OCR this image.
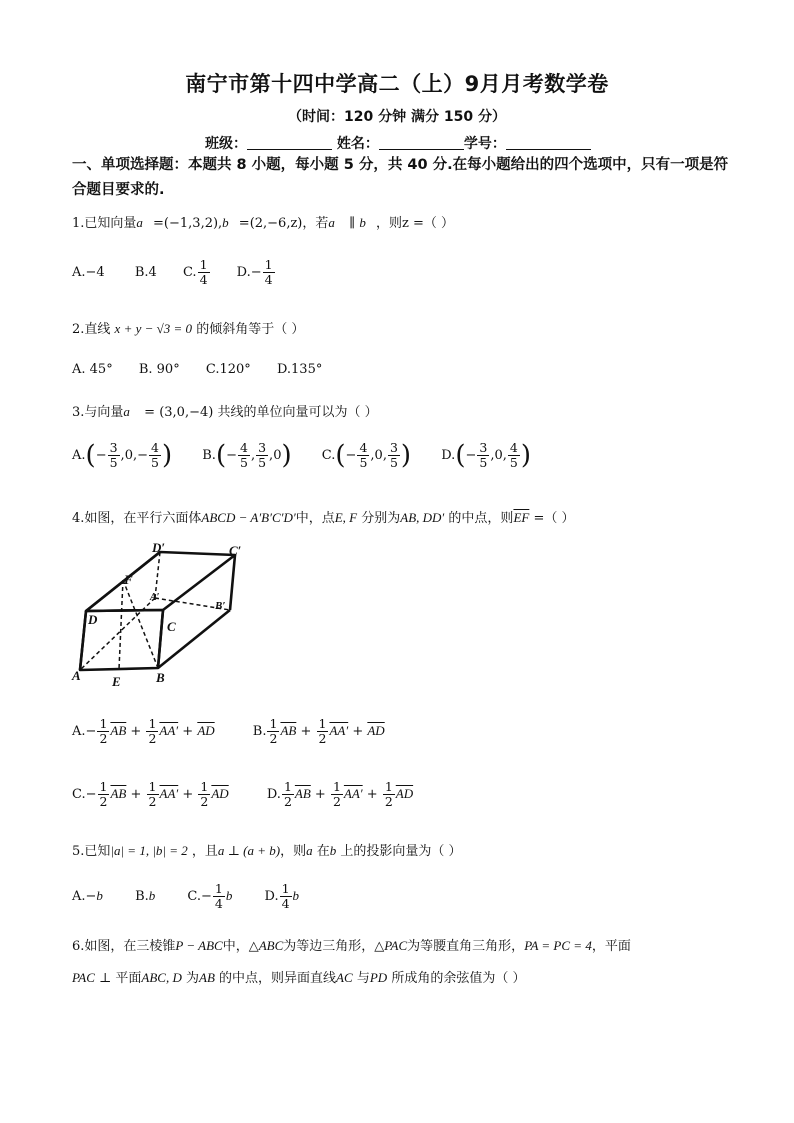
南宁市第十四中学高二（上）9月月考数学卷
（时间：120 分钟 满分 150 分）
班级：	姓名：	学号：
一、单项选择题：本题共 8 小题，每小题 5 分，共 40 分.在每小题给出的四个选项中，只有一项是符合题目要求的.
1.已知向量a⃗=(−1,3,2),b⃗=(2,−6,z)，若a⃗ ∥ b⃗，则z =（ ）
A.−4 B.4 C. $\frac{1}{4} D.- \frac{1}{4}$
2.直线 x + y − √3 = 0 的倾斜角等于（ ）
A. 45° B. 90° C.120° D.135°
3.与向量a⃗ = (3,0,−4) 共线的单位向量可以为（ ）
$A.(- \frac{3}{5} ,0,- \frac{4}{5}$ ) $B.(- \frac{4}{5}$ , $\frac{3}{5} ,0$) $C.(- \frac{4}{5} ,0$, $\frac{3}{5}$ ) $D.(- \frac{3}{5} ,0$, $\frac{4}{5}$ )
4.如图，在平行六面体ABCD − A′B′C′D′中，点E, F 分别为AB, DD′ 的中点，则$\overline{EF}$ =（ ）
D′	C′
F
A′
B′
D	C
A E	B
$A.- \frac{1}{2} \overline{AB} + \frac{1}{2} AA' + \overline{AD}$	B. $\frac{1}{2} \overline{AB} + \frac{1}{2} AA' + \overline{AD}$
$C.- \frac{1}{2} \overline{AB} + \frac{1}{2} AA' + \frac{1}{2} \overline{AD}$	D. $\frac{1}{2} \overline{AB} + \frac{1}{2} AA' + \frac{1}{2} \overline{AD}$
5.已知|a| = 1, |b| = 2 ，且a ⊥ (a + b)，则a 在b 上的投影向量为（ ）
A.−b B.b $C.- \frac{1}{4}$ b D. $\frac{1}{4}$ b
6.如图，在三棱锥P − ABC中，△ABC为等边三角形，△PAC为等腰直角三角形，PA = PC = 4，平面
PAC ⊥ 平面ABC, D 为AB 的中点，则异面直线AC 与PD 所成角的余弦值为（ ）
